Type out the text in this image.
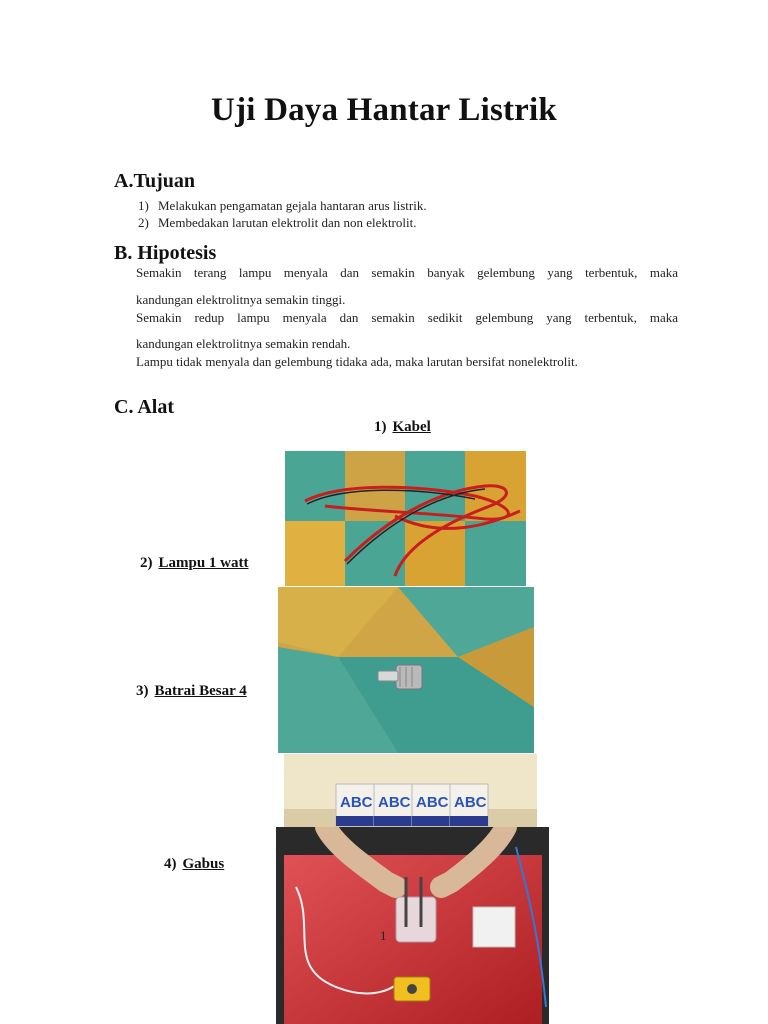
Uji Daya Hantar Listrik
A.Tujuan
1) Melakukan pengamatan gejala hantaran arus listrik.
2) Membedakan larutan elektrolit dan non elektrolit.
B. Hipotesis
Semakin terang lampu menyala dan semakin banyak gelembung yang terbentuk, maka
kandungan elektrolitnya semakin tinggi.
Semakin redup lampu menyala dan semakin sedikit gelembung yang terbentuk, maka
kandungan elektrolitnya semakin rendah.
Lampu tidak menyala dan gelembung tidaka ada, maka larutan bersifat nonelektrolit.
C. Alat
1) Kabel
2) Lampu 1 watt
3) Batrai Besar 4
4) Gabus
ABC ABC ABC ABC
1
